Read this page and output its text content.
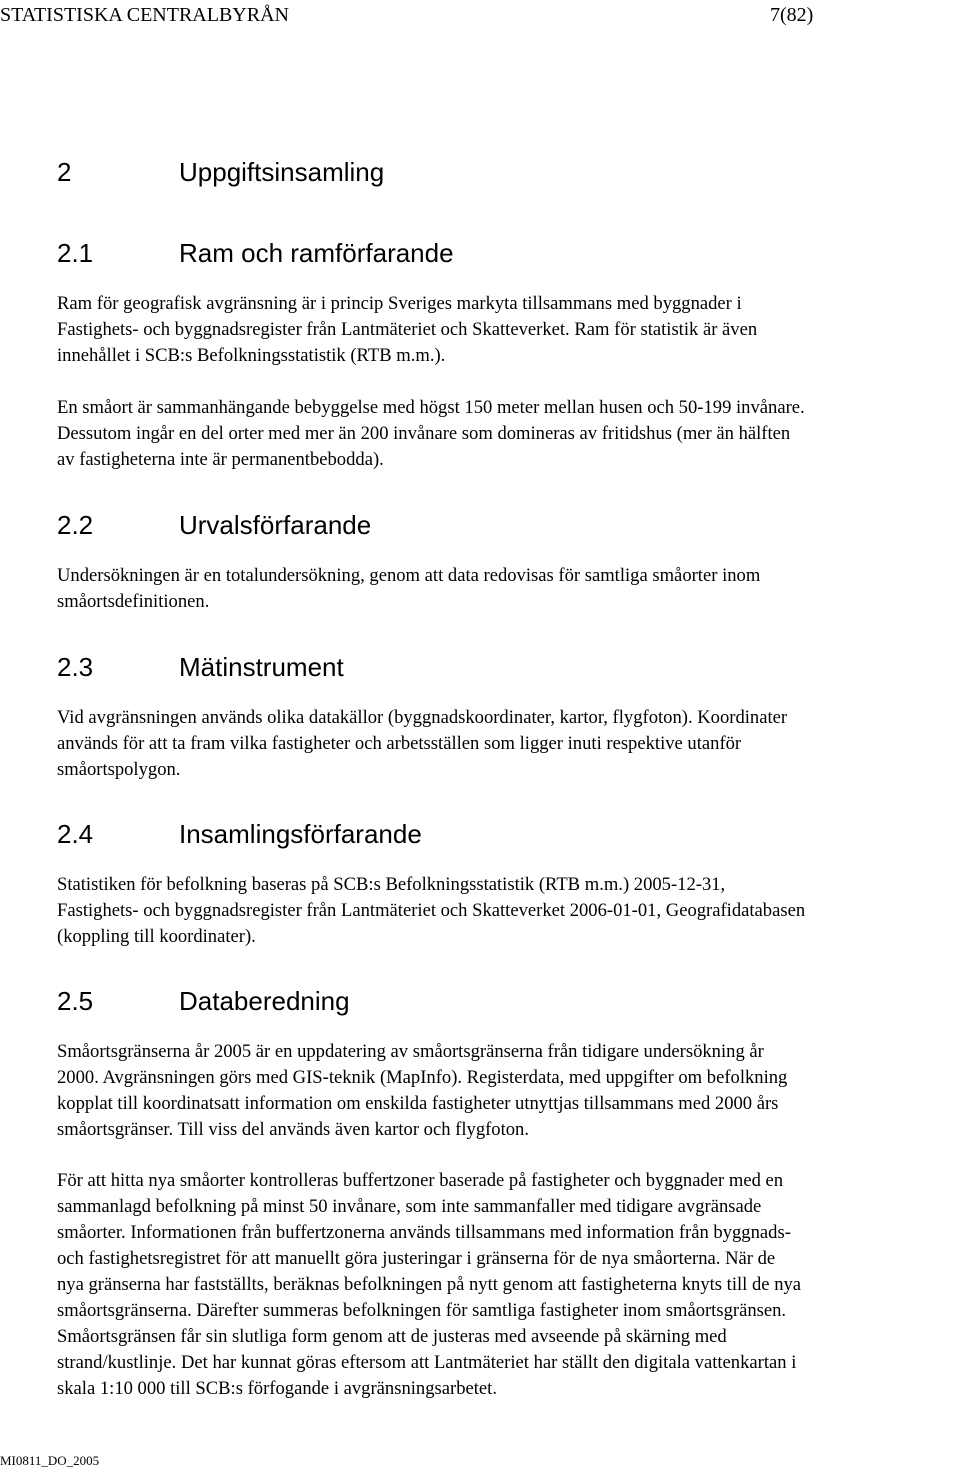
STATISTISKA CENTRALBYRÅN	7(82)
2	Uppgiftsinsamling
2.1	Ram och ramförfarande
Ram för geografisk avgränsning är i princip Sveriges markyta tillsammans med byggnader i
Fastighets- och byggnadsregister från Lantmäteriet och Skatteverket. Ram för statistik är även
innehållet i SCB:s Befolkningsstatistik (RTB m.m.).
En småort är sammanhängande bebyggelse med högst 150 meter mellan husen och 50-199 invånare.
Dessutom ingår en del orter med mer än 200 invånare som domineras av fritidshus (mer än hälften
av fastigheterna inte är permanentbebodda).
2.2	Urvalsförfarande
Undersökningen är en totalundersökning, genom att data redovisas för samtliga småorter inom
småortsdefinitionen.
2.3	Mätinstrument
Vid avgränsningen används olika datakällor (byggnadskoordinater, kartor, flygfoton). Koordinater
används för att ta fram vilka fastigheter och arbetsställen som ligger inuti respektive utanför
småortspolygon.
2.4	Insamlingsförfarande
Statistiken för befolkning baseras på SCB:s Befolkningsstatistik (RTB m.m.) 2005-12-31,
Fastighets- och byggnadsregister från Lantmäteriet och Skatteverket 2006-01-01, Geografidatabasen
(koppling till koordinater).
2.5	Databeredning
Småortsgränserna år 2005 är en uppdatering av småortsgränserna från tidigare undersökning år
2000. Avgränsningen görs med GIS-teknik (MapInfo). Registerdata, med uppgifter om befolkning
kopplat till koordinatsatt information om enskilda fastigheter utnyttjas tillsammans med 2000 års
småortsgränser. Till viss del används även kartor och flygfoton.
För att hitta nya småorter kontrolleras buffertzoner baserade på fastigheter och byggnader med en
sammanlagd befolkning på minst 50 invånare, som inte sammanfaller med tidigare avgränsade
småorter. Informationen från buffertzonerna används tillsammans med information från byggnads-
och fastighetsregistret för att manuellt göra justeringar i gränserna för de nya småorterna. När de
nya gränserna har fastställts, beräknas befolkningen på nytt genom att fastigheterna knyts till de nya
småortsgränserna. Därefter summeras befolkningen för samtliga fastigheter inom småortsgränsen.
Småortsgränsen får sin slutliga form genom att de justeras med avseende på skärning med
strand/kustlinje. Det har kunnat göras eftersom att Lantmäteriet har ställt den digitala vattenkartan i
skala 1:10 000 till SCB:s förfogande i avgränsningsarbetet.
MI0811_DO_2005
